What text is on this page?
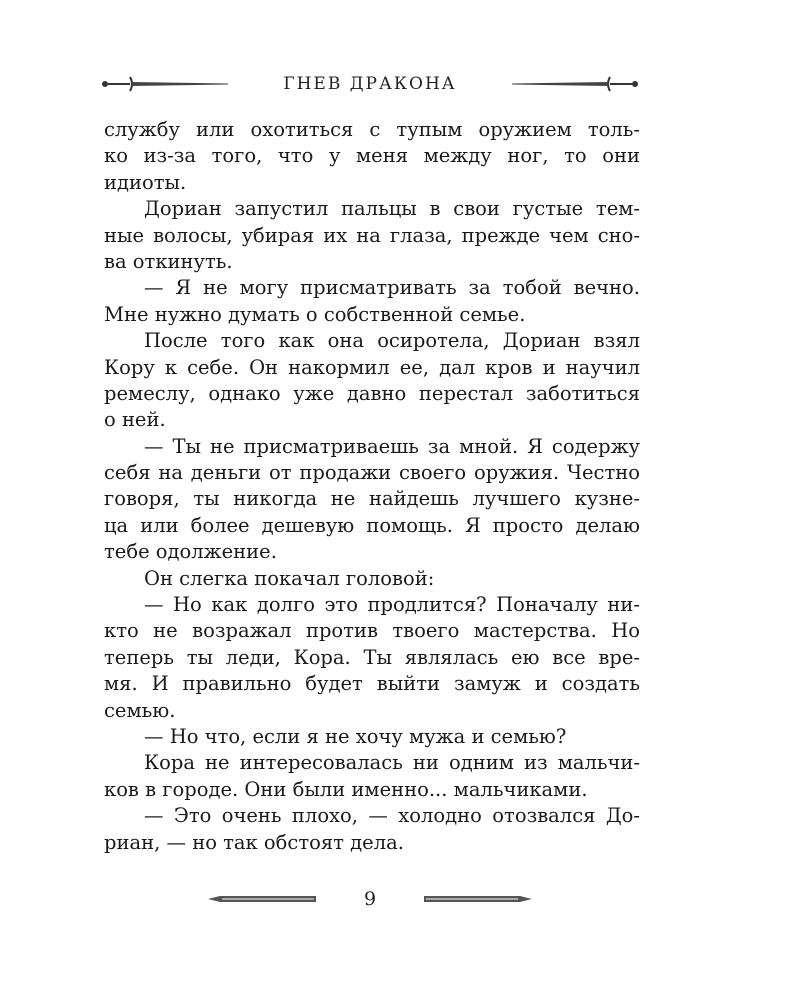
ГНЕВ ДРАКОНА
службу или охотиться с тупым оружием толь-
ко из-за того, что у меня между ног, то они
идиоты.
Дориан запустил пальцы в свои густые тем-
ные волосы, убирая их на глаза, прежде чем сно-
ва откинуть.
— Я не могу присматривать за тобой вечно.
Мне нужно думать о собственной семье.
После того как она осиротела, Дориан взял
Кору к себе. Он накормил ее, дал кров и научил
ремеслу, однако уже давно перестал заботиться
о ней.
— Ты не присматриваешь за мной. Я содержу
себя на деньги от продажи своего оружия. Честно
говоря, ты никогда не найдешь лучшего кузне-
ца или более дешевую помощь. Я просто делаю
тебе одолжение.
Он слегка покачал головой:
— Но как долго это продлится? Поначалу ни-
кто не возражал против твоего мастерства. Но
теперь ты леди, Кора. Ты являлась ею все вре-
мя. И правильно будет выйти замуж и создать
семью.
— Но что, если я не хочу мужа и семью?
Кора не интересовалась ни одним из мальчи-
ков в городе. Они были именно... мальчиками.
— Это очень плохо, — холодно отозвался До-
риан, — но так обстоят дела.
9
